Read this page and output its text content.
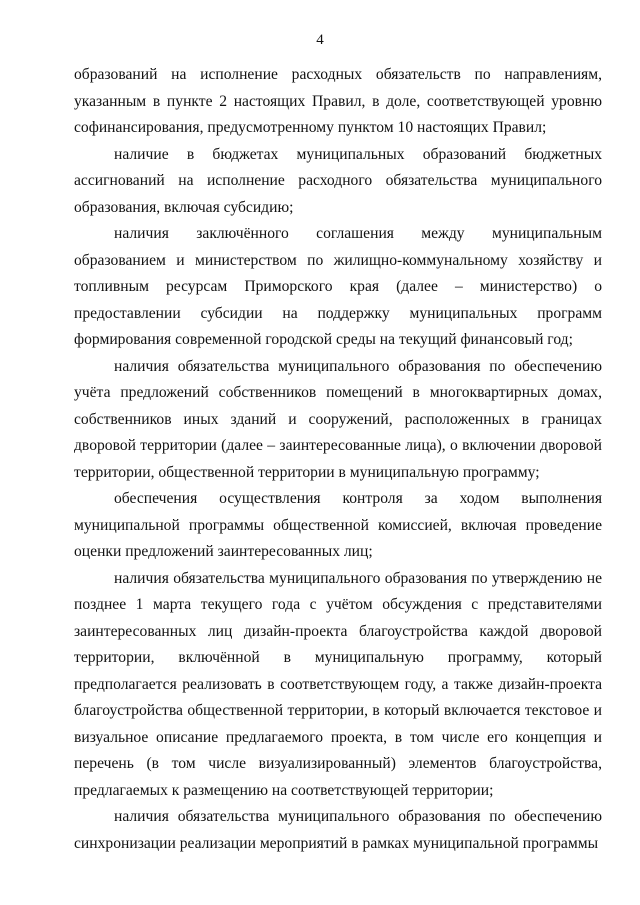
4

образований на исполнение расходных обязательств по направлениям, указанным в пункте 2 настоящих Правил, в доле, соответствующей уровню софинансирования, предусмотренному пунктом 10 настоящих Правил;

наличие в бюджетах муниципальных образований бюджетных ассигнований на исполнение расходного обязательства муниципального образования, включая субсидию;

наличия заключённого соглашения между муниципальным образованием и министерством по жилищно-коммунальному хозяйству и топливным ресурсам Приморского края (далее – министерство) о предоставлении субсидии на поддержку муниципальных программ формирования современной городской среды на текущий финансовый год;

наличия обязательства муниципального образования по обеспечению учёта предложений собственников помещений в многоквартирных домах, собственников иных зданий и сооружений, расположенных в границах дворовой территории (далее – заинтересованные лица), о включении дворовой территории, общественной территории в муниципальную программу;

обеспечения осуществления контроля за ходом выполнения муниципальной программы общественной комиссией, включая проведение оценки предложений заинтересованных лиц;

наличия обязательства муниципального образования по утверждению не позднее 1 марта текущего года с учётом обсуждения с представителями заинтересованных лиц дизайн-проекта благоустройства каждой дворовой территории, включённой в муниципальную программу, который предполагается реализовать в соответствующем году, а также дизайн-проекта благоустройства общественной территории, в который включается текстовое и визуальное описание предлагаемого проекта, в том числе его концепция и перечень (в том числе визуализированный) элементов благоустройства, предлагаемых к размещению на соответствующей территории;

наличия обязательства муниципального образования по обеспечению синхронизации реализации мероприятий в рамках муниципальной программы
